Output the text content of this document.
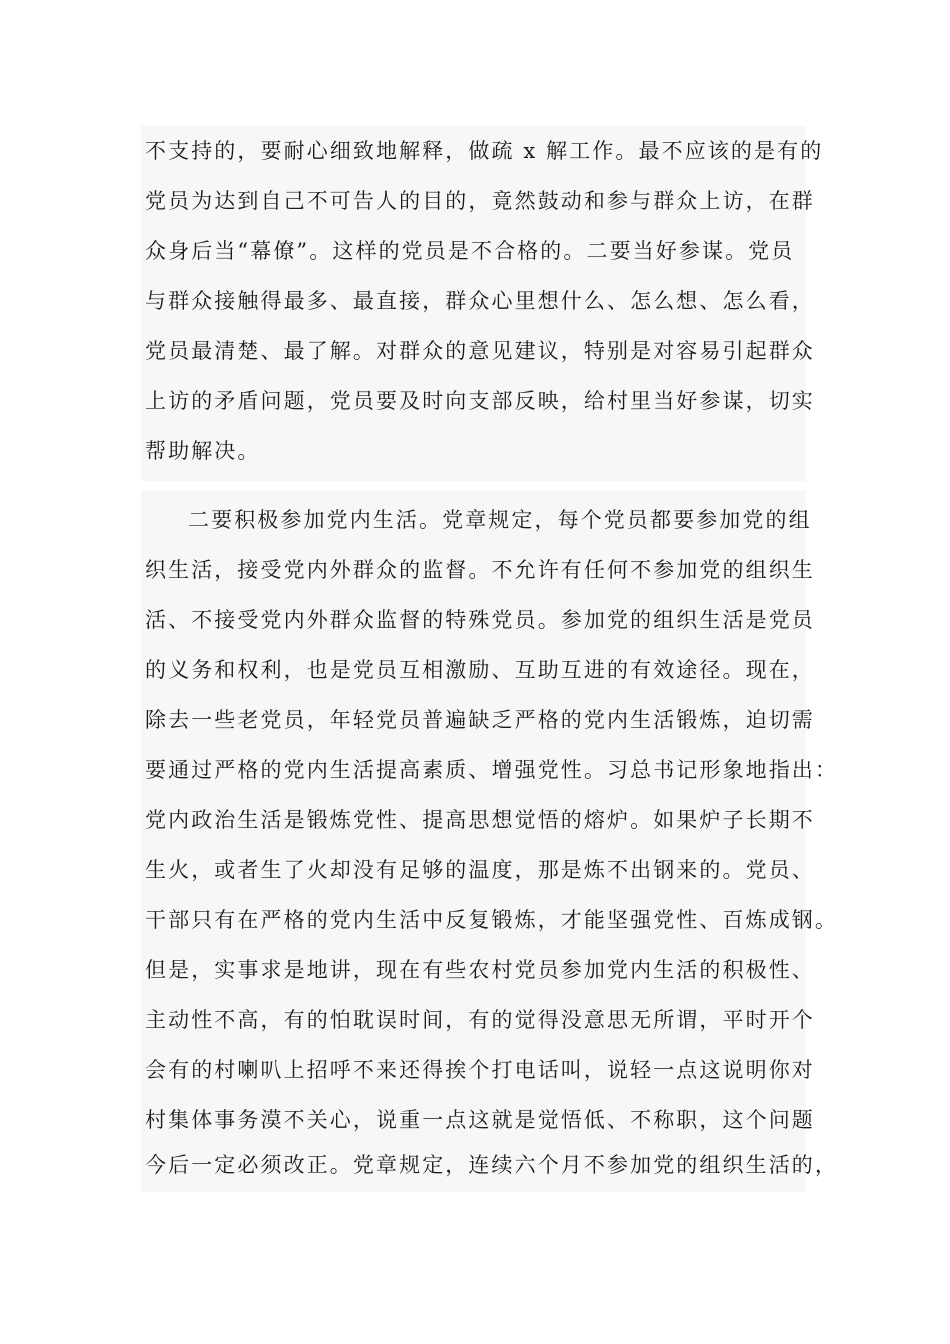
不支持的，要耐心细致地解释，做疏 x 解工作。最不应该的是有的
党员为达到自己不可告人的目的，竟然鼓动和参与群众上访，在群
众身后当“幕僚”。这样的党员是不合格的。二要当好参谋。党员
与群众接触得最多、最直接，群众心里想什么、怎么想、怎么看，
党员最清楚、最了解。对群众的意见建议，特别是对容易引起群众
上访的矛盾问题，党员要及时向支部反映，给村里当好参谋，切实
帮助解决。
二要积极参加党内生活。党章规定，每个党员都要参加党的组
织生活，接受党内外群众的监督。不允许有任何不参加党的组织生
活、不接受党内外群众监督的特殊党员。参加党的组织生活是党员
的义务和权利，也是党员互相激励、互助互进的有效途径。现在，
除去一些老党员，年轻党员普遍缺乏严格的党内生活锻炼，迫切需
要通过严格的党内生活提高素质、增强党性。习总书记形象地指出：
党内政治生活是锻炼党性、提高思想觉悟的熔炉。如果炉子长期不
生火，或者生了火却没有足够的温度，那是炼不出钢来的。党员、
干部只有在严格的党内生活中反复锻炼，才能坚强党性、百炼成钢。
但是，实事求是地讲，现在有些农村党员参加党内生活的积极性、
主动性不高，有的怕耽误时间，有的觉得没意思无所谓，平时开个
会有的村喇叭上招呼不来还得挨个打电话叫，说轻一点这说明你对
村集体事务漠不关心，说重一点这就是觉悟低、不称职，这个问题
今后一定必须改正。党章规定，连续六个月不参加党的组织生活的，
